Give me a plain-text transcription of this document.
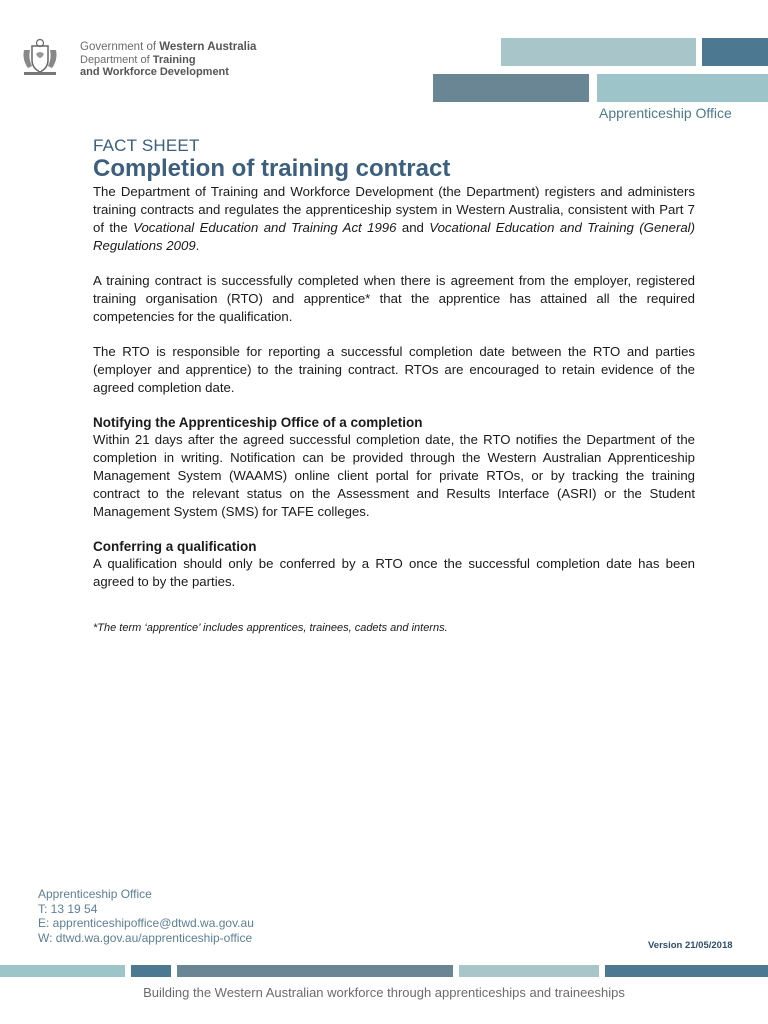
Government of Western Australia
Department of Training
and Workforce Development
Apprenticeship Office
FACT SHEET
Completion of training contract

The Department of Training and Workforce Development (the Department) registers and administers training contracts and regulates the apprenticeship system in Western Australia, consistent with Part 7 of the Vocational Education and Training Act 1996 and Vocational Education and Training (General) Regulations 2009.

A training contract is successfully completed when there is agreement from the employer, registered training organisation (RTO) and apprentice* that the apprentice has attained all the required competencies for the qualification.

The RTO is responsible for reporting a successful completion date between the RTO and parties (employer and apprentice) to the training contract. RTOs are encouraged to retain evidence of the agreed completion date.

Notifying the Apprenticeship Office of a completion

Within 21 days after the agreed successful completion date, the RTO notifies the Department of the completion in writing. Notification can be provided through the Western Australian Apprenticeship Management System (WAAMS) online client portal for private RTOs, or by tracking the training contract to the relevant status on the Assessment and Results Interface (ASRI) or the Student Management System (SMS) for TAFE colleges.

Conferring a qualification

A qualification should only be conferred by a RTO once the successful completion date has been agreed to by the parties.

*The term ‘apprentice’ includes apprentices, trainees, cadets and interns.

Apprenticeship Office
T: 13 19 54
E: apprenticeshipoffice@dtwd.wa.gov.au
W: dtwd.wa.gov.au/apprenticeship-office
Version 21/05/2018
Building the Western Australian workforce through apprenticeships and traineeships
